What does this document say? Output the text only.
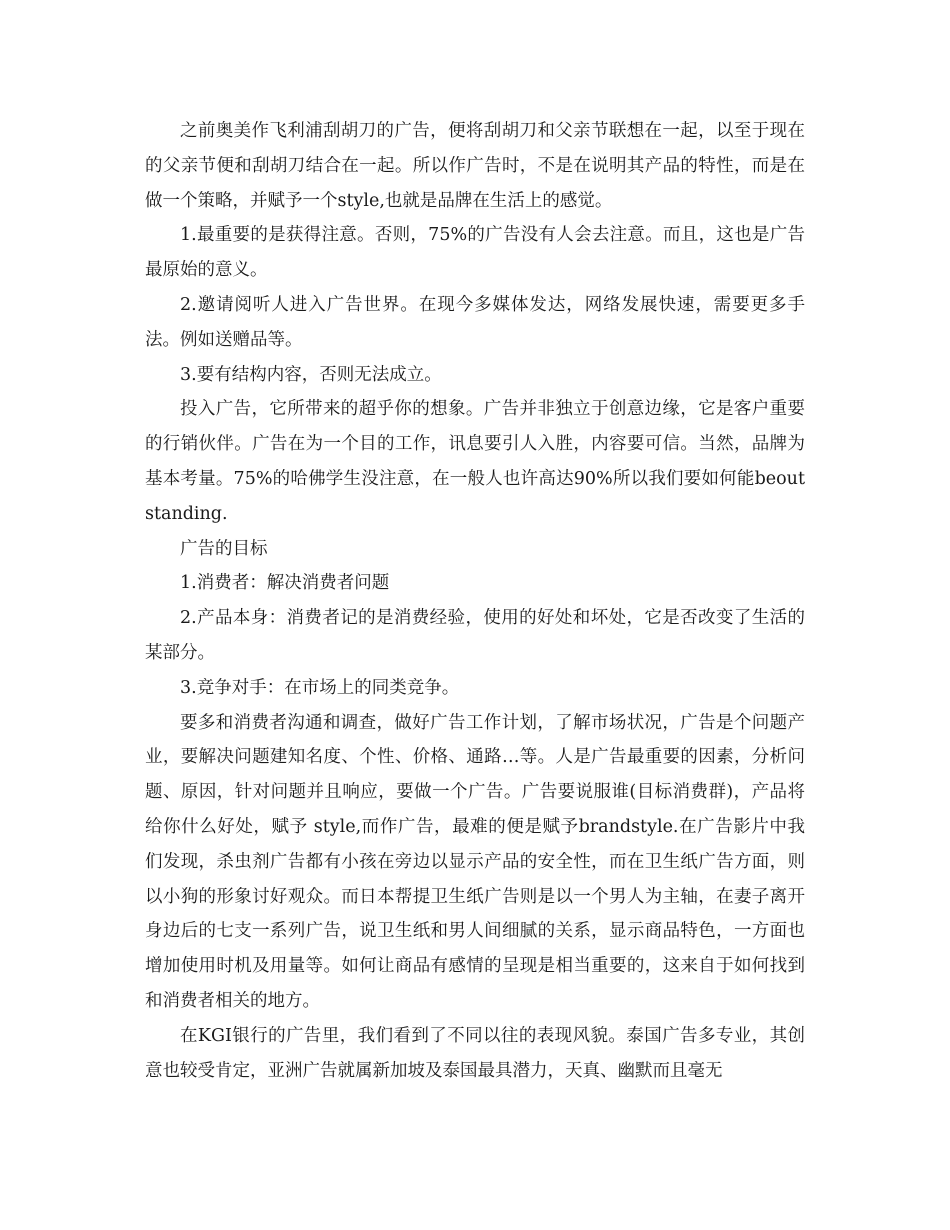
之前奥美作飞利浦刮胡刀的广告，便将刮胡刀和父亲节联想在一起，以至于现在的父亲节便和刮胡刀结合在一起。所以作广告时，不是在说明其产品的特性，而是在做一个策略，并赋予一个style,也就是品牌在生活上的感觉。

1.最重要的是获得注意。否则，75%的广告没有人会去注意。而且，这也是广告最原始的意义。

2.邀请阅听人进入广告世界。在现今多媒体发达，网络发展快速，需要更多手法。例如送赠品等。

3.要有结构内容，否则无法成立。

投入广告，它所带来的超乎你的想象。广告并非独立于创意边缘，它是客户重要的行销伙伴。广告在为一个目的工作，讯息要引人入胜，内容要可信。当然，品牌为基本考量。75%的哈佛学生没注意，在一般人也许高达90%所以我们要如何能beoutstanding.

广告的目标

1.消费者：解决消费者问题

2.产品本身：消费者记的是消费经验，使用的好处和坏处，它是否改变了生活的某部分。

3.竞争对手：在市场上的同类竞争。

要多和消费者沟通和调查，做好广告工作计划，了解市场状况，广告是个问题产业，要解决问题建知名度、个性、价格、通路…等。人是广告最重要的因素，分析问题、原因，针对问题并且响应，要做一个广告。广告要说服谁(目标消费群)，产品将给你什么好处，赋予 style,而作广告，最难的便是赋予brandstyle.在广告影片中我们发现，杀虫剂广告都有小孩在旁边以显示产品的安全性，而在卫生纸广告方面，则以小狗的形象讨好观众。而日本帮提卫生纸广告则是以一个男人为主轴，在妻子离开身边后的七支一系列广告，说卫生纸和男人间细腻的关系，显示商品特色，一方面也增加使用时机及用量等。如何让商品有感情的呈现是相当重要的，这来自于如何找到和消费者相关的地方。

在KGI银行的广告里，我们看到了不同以往的表现风貌。泰国广告多专业，其创意也较受肯定，亚洲广告就属新加坡及泰国最具潜力，天真、幽默而且毫无
